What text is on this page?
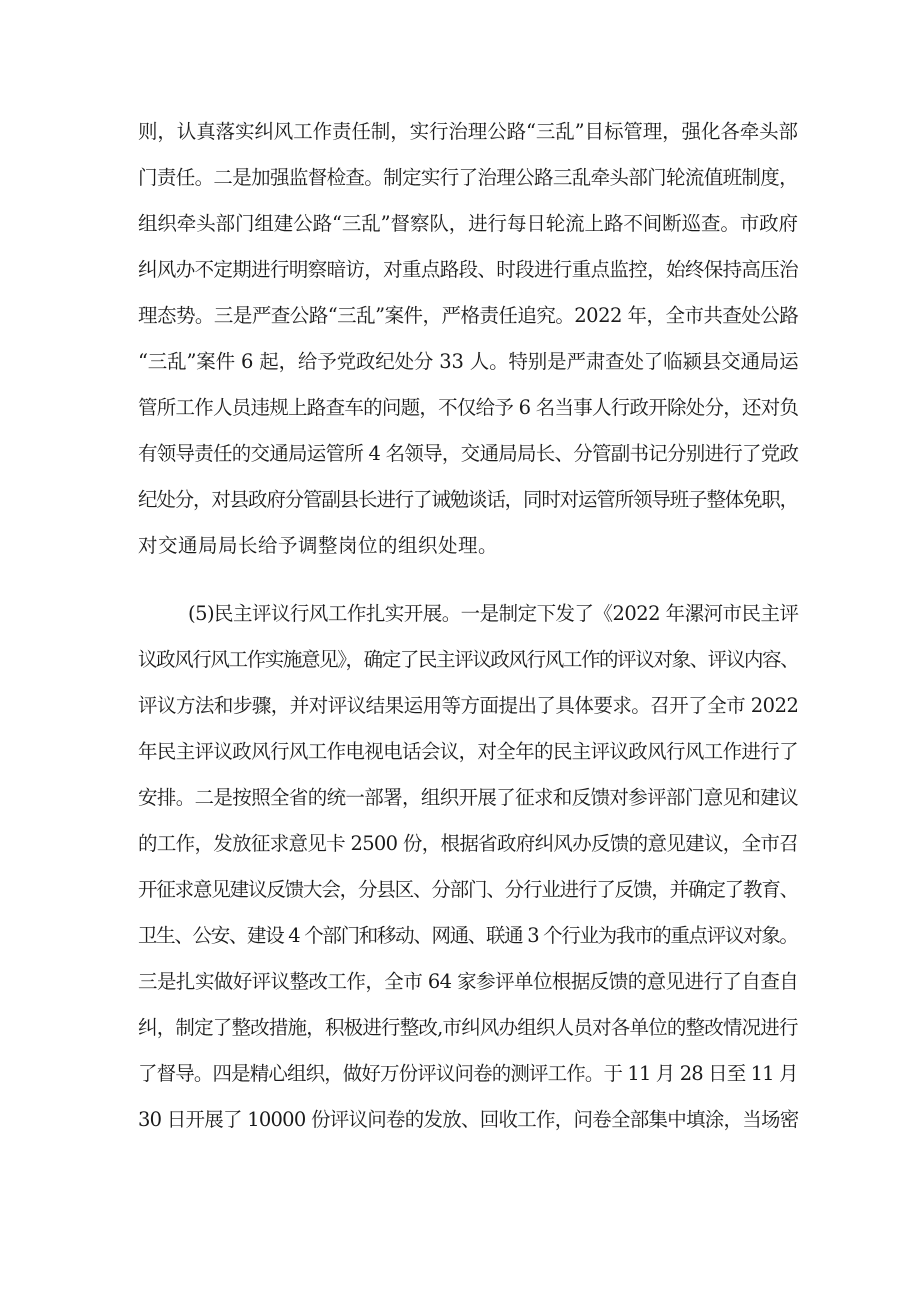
则，认真落实纠风工作责任制，实行治理公路“三乱”目标管理，强化各牵头部
门责任。二是加强监督检查。制定实行了治理公路三乱牵头部门轮流值班制度，
组织牵头部门组建公路“三乱”督察队，进行每日轮流上路不间断巡查。市政府
纠风办不定期进行明察暗访，对重点路段、时段进行重点监控，始终保持高压治
理态势。三是严查公路“三乱”案件，严格责任追究。2022 年，全市共查处公路
“三乱”案件 6 起，给予党政纪处分 33 人。特别是严肃查处了临颍县交通局运
管所工作人员违规上路查车的问题，不仅给予 6 名当事人行政开除处分，还对负
有领导责任的交通局运管所 4 名领导，交通局局长、分管副书记分别进行了党政
纪处分，对县政府分管副县长进行了诫勉谈话，同时对运管所领导班子整体免职，
对交通局局长给予调整岗位的组织处理。
(5)民主评议行风工作扎实开展。一是制定下发了《2022 年漯河市民主评
议政风行风工作实施意见》，确定了民主评议政风行风工作的评议对象、评议内容、
评议方法和步骤，并对评议结果运用等方面提出了具体要求。召开了全市 2022
年民主评议政风行风工作电视电话会议，对全年的民主评议政风行风工作进行了
安排。二是按照全省的统一部署，组织开展了征求和反馈对参评部门意见和建议
的工作，发放征求意见卡 2500 份，根据省政府纠风办反馈的意见建议，全市召
开征求意见建议反馈大会，分县区、分部门、分行业进行了反馈，并确定了教育、
卫生、公安、建设 4 个部门和移动、网通、联通 3 个行业为我市的重点评议对象。
三是扎实做好评议整改工作，全市 64 家参评单位根据反馈的意见进行了自查自
纠，制定了整改措施，积极进行整改,市纠风办组织人员对各单位的整改情况进行
了督导。四是精心组织，做好万份评议问卷的测评工作。于 11 月 28 日至 11 月
30 日开展了 10000 份评议问卷的发放、回收工作，问卷全部集中填涂，当场密
